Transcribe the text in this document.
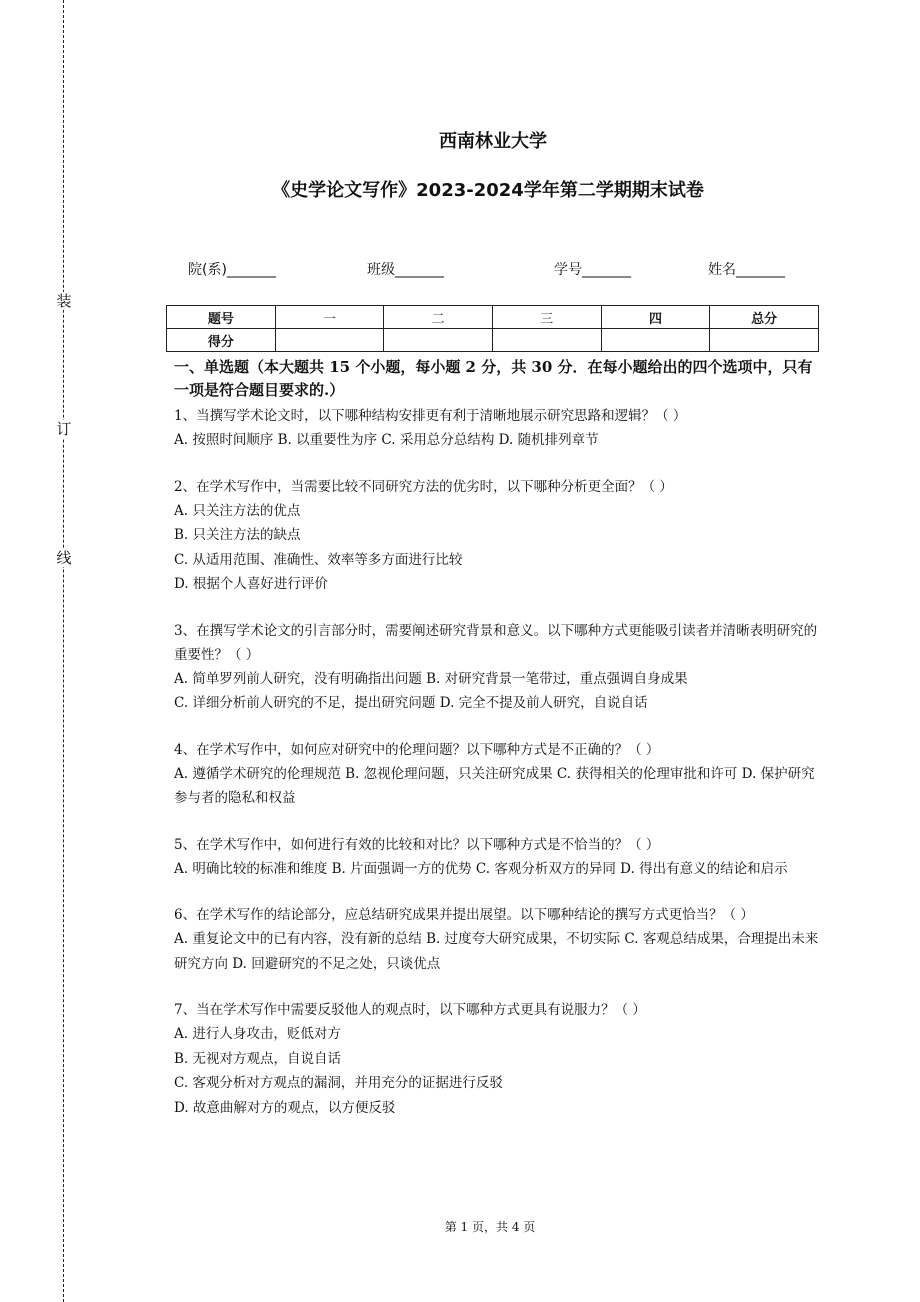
装
订
线
西南林业大学
《史学论文写作》2023-2024学年第二学期期末试卷
院(系)_______	班级_______	学号_______	姓名_______
题号	一	二	三	四	总分
得分					
一、单选题（本大题共 15 个小题，每小题 2 分，共 30 分．在每小题给出的四个选项中，只有一项是符合题目要求的.）
1、当撰写学术论文时，以下哪种结构安排更有利于清晰地展示研究思路和逻辑？（ ）
A. 按照时间顺序 B. 以重要性为序 C. 采用总分总结构 D. 随机排列章节
2、在学术写作中，当需要比较不同研究方法的优劣时，以下哪种分析更全面？（ ）
A. 只关注方法的优点
B. 只关注方法的缺点
C. 从适用范围、准确性、效率等多方面进行比较
D. 根据个人喜好进行评价
3、在撰写学术论文的引言部分时，需要阐述研究背景和意义。以下哪种方式更能吸引读者并清晰表明研究的重要性？（ ）
A. 简单罗列前人研究，没有明确指出问题 B. 对研究背景一笔带过，重点强调自身成果
C. 详细分析前人研究的不足，提出研究问题 D. 完全不提及前人研究，自说自话
4、在学术写作中，如何应对研究中的伦理问题？以下哪种方式是不正确的？（ ）
A. 遵循学术研究的伦理规范 B. 忽视伦理问题，只关注研究成果 C. 获得相关的伦理审批和许可 D. 保护研究参与者的隐私和权益
5、在学术写作中，如何进行有效的比较和对比？以下哪种方式是不恰当的？（ ）
A. 明确比较的标准和维度 B. 片面强调一方的优势 C. 客观分析双方的异同 D. 得出有意义的结论和启示
6、在学术写作的结论部分，应总结研究成果并提出展望。以下哪种结论的撰写方式更恰当？（ ）
A. 重复论文中的已有内容，没有新的总结 B. 过度夸大研究成果，不切实际 C. 客观总结成果，合理提出未来研究方向 D. 回避研究的不足之处，只谈优点
7、当在学术写作中需要反驳他人的观点时，以下哪种方式更具有说服力？（ ）
A. 进行人身攻击，贬低对方
B. 无视对方观点，自说自话
C. 客观分析对方观点的漏洞，并用充分的证据进行反驳
D. 故意曲解对方的观点，以方便反驳
第 1 页，共 4 页
